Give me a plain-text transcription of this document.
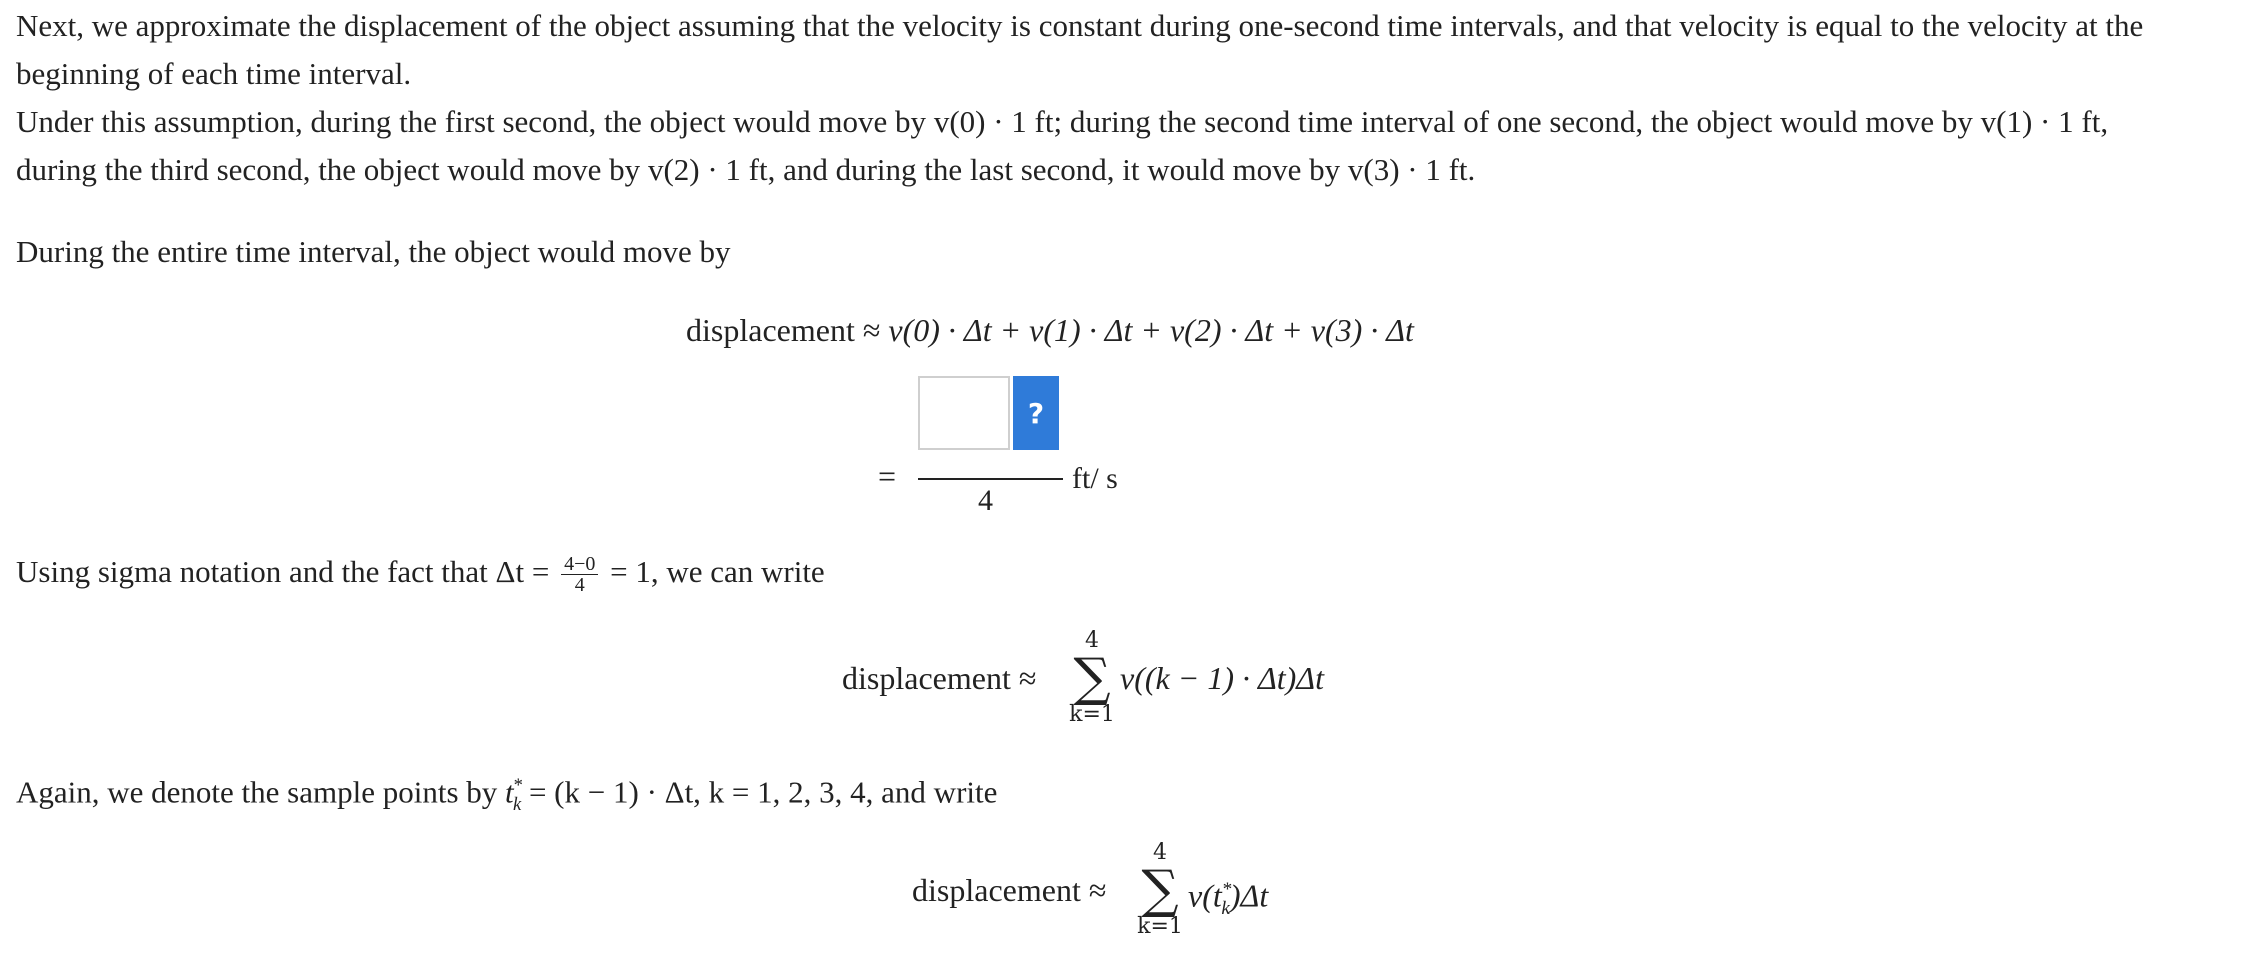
Next, we approximate the displacement of the object assuming that the velocity is constant during one-second time intervals, and that velocity is equal to the velocity at the beginning of each time interval.

Under this assumption, during the first second, the object would move by v(0) · 1 ft; during the second time interval of one second, the object would move by v(1) · 1 ft, during the third second, the object would move by v(2) · 1 ft, and during the last second, it would move by v(3) · 1 ft.

During the entire time interval, the object would move by

displacement ≈ v(0) · Δt + v(1) · Δt + v(2) · Δt + v(3) · Δt
=
?
4
ft/ s
Using sigma notation and the fact that $\Delta t = \frac{4-0}{4} = 1$, we can write
displacement ≈
4
∑
k=1
v((k − 1) · Δt)Δt
Again, we denote the sample points by $t^*_k = (k - 1) \cdot \Delta t$, k = 1, 2, 3, 4, and write
displacement ≈
4
∑
k=1
$v(t^*_k)\Delta t$
